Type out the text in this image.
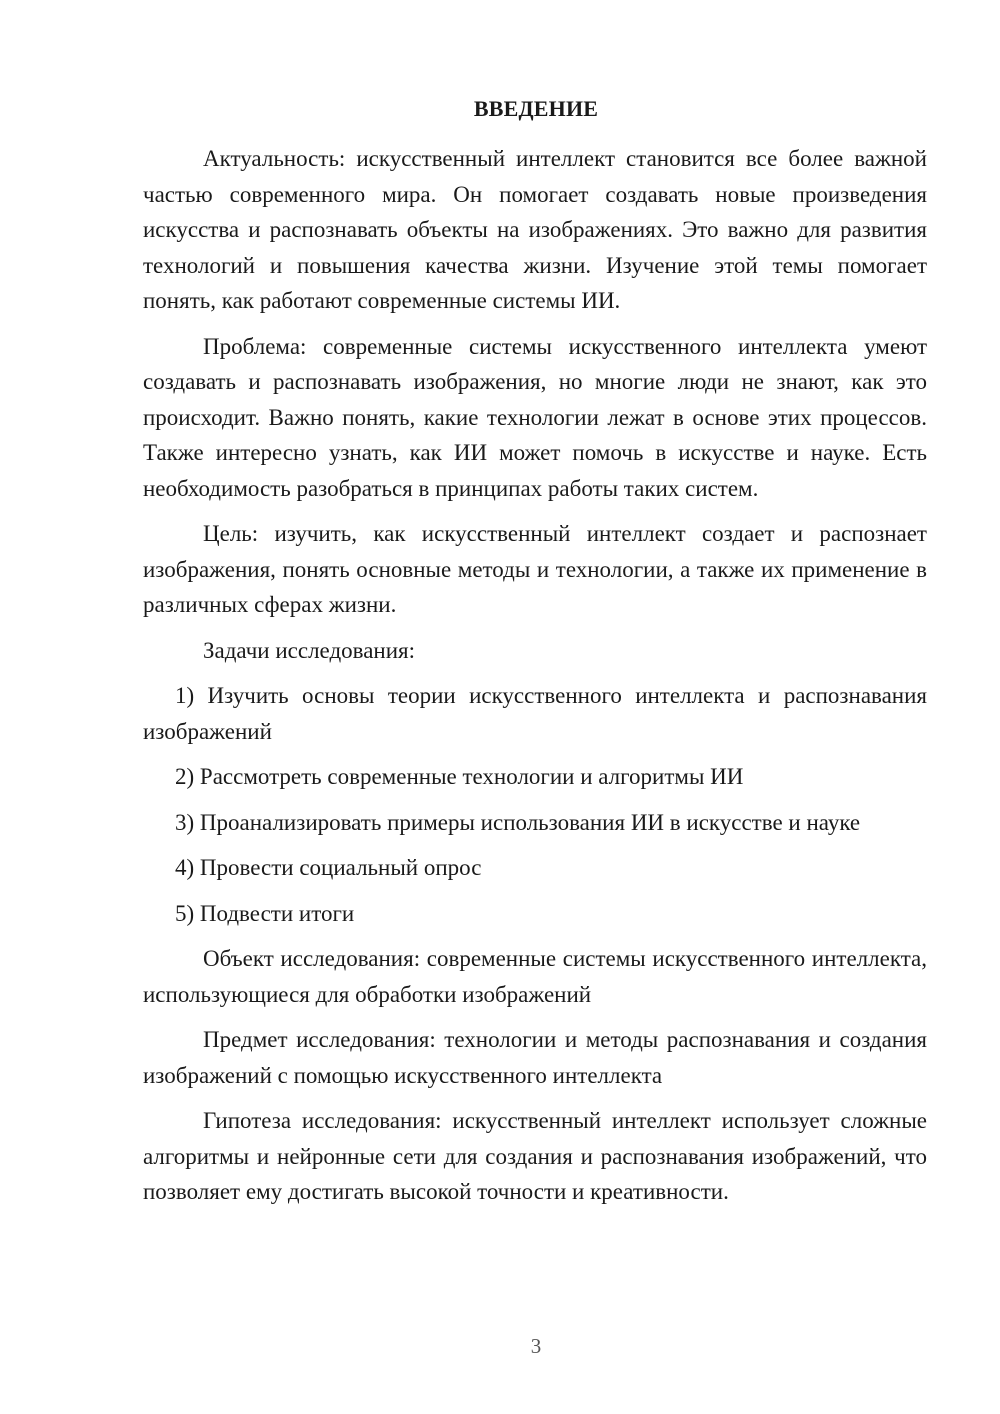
ВВЕДЕНИЕ

Актуальность: искусственный интеллект становится все более важной частью современного мира. Он помогает создавать новые произведения искусства и распознавать объекты на изображениях. Это важно для развития технологий и повышения качества жизни. Изучение этой темы помогает понять, как работают современные системы ИИ.

Проблема: современные системы искусственного интеллекта умеют создавать и распознавать изображения, но многие люди не знают, как это происходит. Важно понять, какие технологии лежат в основе этих процессов. Также интересно узнать, как ИИ может помочь в искусстве и науке. Есть необходимость разобраться в принципах работы таких систем.

Цель: изучить, как искусственный интеллект создает и распознает изображения, понять основные методы и технологии, а также их применение в различных сферах жизни.

Задачи исследования:

1) Изучить основы теории искусственного интеллекта и распознавания изображений

2) Рассмотреть современные технологии и алгоритмы ИИ

3) Проанализировать примеры использования ИИ в искусстве и науке

4) Провести социальный опрос

5) Подвести итоги

Объект исследования: современные системы искусственного интеллекта, использующиеся для обработки изображений

Предмет исследования: технологии и методы распознавания и создания изображений с помощью искусственного интеллекта

Гипотеза исследования: искусственный интеллект использует сложные алгоритмы и нейронные сети для создания и распознавания изображений, что позволяет ему достигать высокой точности и креативности.

3
